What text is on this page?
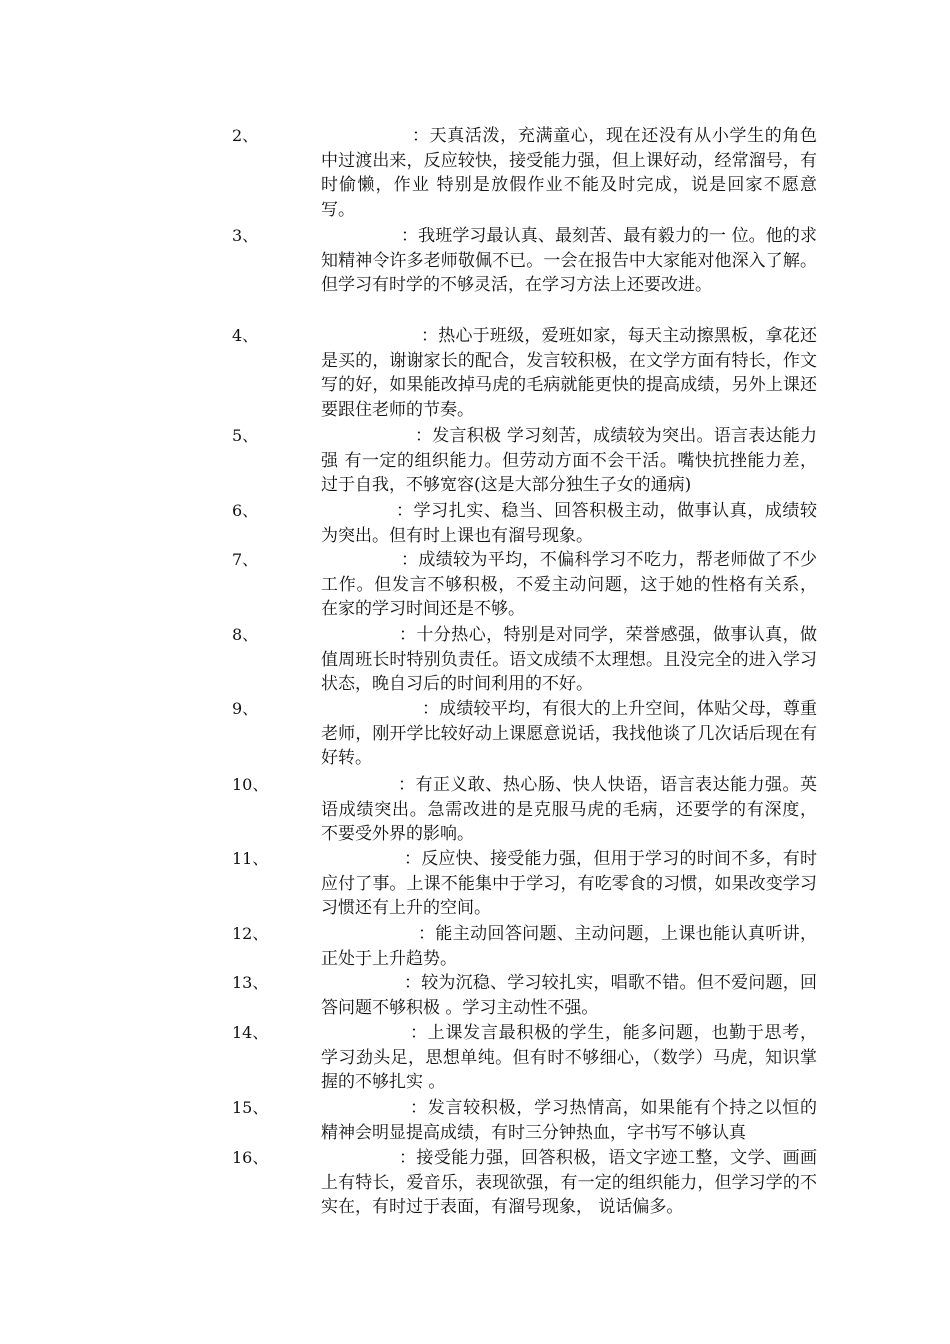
2、	：天真活泼，充满童心，现在还没有从小学生的角色中过渡出来，反应较快，接受能力强，但上课好动，经常溜号，有时偷懒，作业 特别是放假作业不能及时完成，说是回家不愿意写。
3、	：我班学习最认真、最刻苦、最有毅力的一 位。他的求知精神令许多老师敬佩不已。一会在报告中大家能对他深入了解。但学习有时学的不够灵活，在学习方法上还要改进。
4、	：热心于班级，爱班如家，每天主动擦黑板，拿花还是买的，谢谢家长的配合，发言较积极，在文学方面有特长，作文写的好，如果能改掉马虎的毛病就能更快的提高成绩，另外上课还要跟住老师的节奏。
5、	：发言积极 学习刻苦，成绩较为突出。语言表达能力强 有一定的组织能力。但劳动方面不会干活。嘴快抗挫能力差，过于自我，不够宽容(这是大部分独生子女的通病)
6、	：学习扎实、稳当、回答积极主动，做事认真，成绩较为突出。但有时上课也有溜号现象。
7、	：成绩较为平均，不偏科学习不吃力，帮老师做了不少工作。但发言不够积极，不爱主动问题，这于她的性格有关系， 在家的学习时间还是不够。
8、	：十分热心，特别是对同学，荣誉感强，做事认真，做值周班长时特别负责任。语文成绩不太理想。且没完全的进入学习状态，晚自习后的时间利用的不好。
9、	：成绩较平均，有很大的上升空间，体贴父母，尊重老师，刚开学比较好动上课愿意说话，我找他谈了几次话后现在有好转。
10、	：有正义敢、热心肠、快人快语，语言表达能力强。英语成绩突出。急需改进的是克服马虎的毛病，还要学的有深度， 不要受外界的影响。
11、	：反应快、接受能力强，但用于学习的时间不多，有时应付了事。上课不能集中于学习，有吃零食的习惯，如果改变学习习惯还有上升的空间。
12、	：能主动回答问题、主动问题，上课也能认真听讲，正处于上升趋势。
13、	：较为沉稳、学习较扎实，唱歌不错。但不爱问题，回答问题不够积极 。学习主动性不强。
14、	：上课发言最积极的学生，能多问题，也勤于思考，学习劲头足，思想单纯。但有时不够细心，（数学）马虎，知识掌握的不够扎实 。
15、	：发言较积极，学习热情高，如果能有个持之以恒的精神会明显提高成绩，有时三分钟热血，字书写不够认真
16、	：接受能力强，回答积极，语文字迹工整，文学、画画上有特长，爱音乐，表现欲强，有一定的组织能力，但学习学的不实在，有时过于表面，有溜号现象， 说话偏多。
